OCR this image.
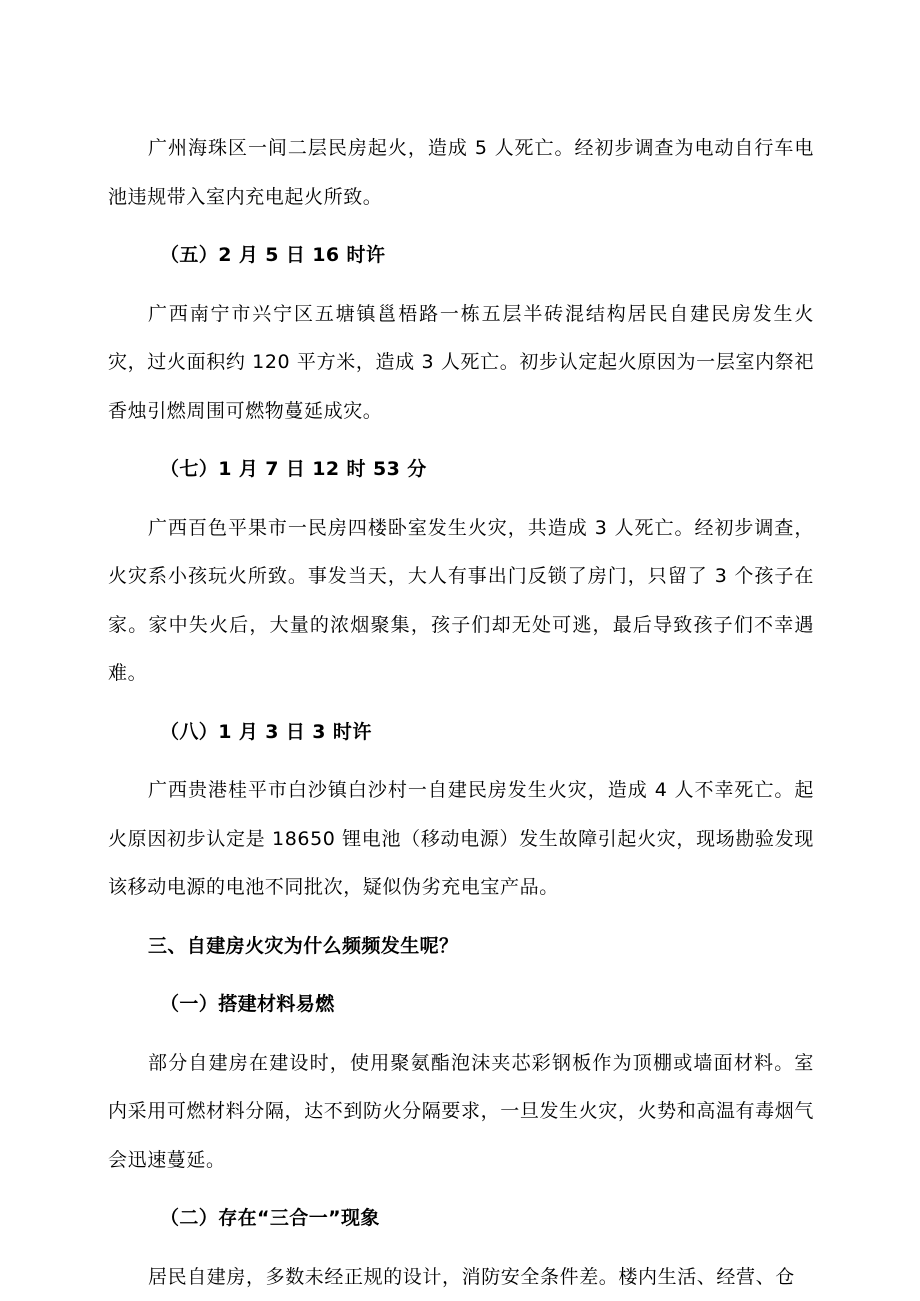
广州海珠区一间二层民房起火，造成 5 人死亡。经初步调查为电动自行车电池违规带入室内充电起火所致。

（五）2 月 5 日 16 时许

广西南宁市兴宁区五塘镇邕梧路一栋五层半砖混结构居民自建民房发生火灾，过火面积约 120 平方米，造成 3 人死亡。初步认定起火原因为一层室内祭祀香烛引燃周围可燃物蔓延成灾。

（七）1 月 7 日 12 时 53 分

广西百色平果市一民房四楼卧室发生火灾，共造成 3 人死亡。经初步调查，火灾系小孩玩火所致。事发当天，大人有事出门反锁了房门，只留了 3 个孩子在家。家中失火后，大量的浓烟聚集，孩子们却无处可逃，最后导致孩子们不幸遇难。

（八）1 月 3 日 3 时许

广西贵港桂平市白沙镇白沙村一自建民房发生火灾，造成 4 人不幸死亡。起火原因初步认定是 18650 锂电池（移动电源）发生故障引起火灾，现场勘验发现该移动电源的电池不同批次，疑似伪劣充电宝产品。

三、自建房火灾为什么频频发生呢？

（一）搭建材料易燃

部分自建房在建设时，使用聚氨酯泡沫夹芯彩钢板作为顶棚或墙面材料。室内采用可燃材料分隔，达不到防火分隔要求，一旦发生火灾，火势和高温有毒烟气会迅速蔓延。

（二）存在“三合一”现象

居民自建房，多数未经正规的设计，消防安全条件差。楼内生活、经营、仓
